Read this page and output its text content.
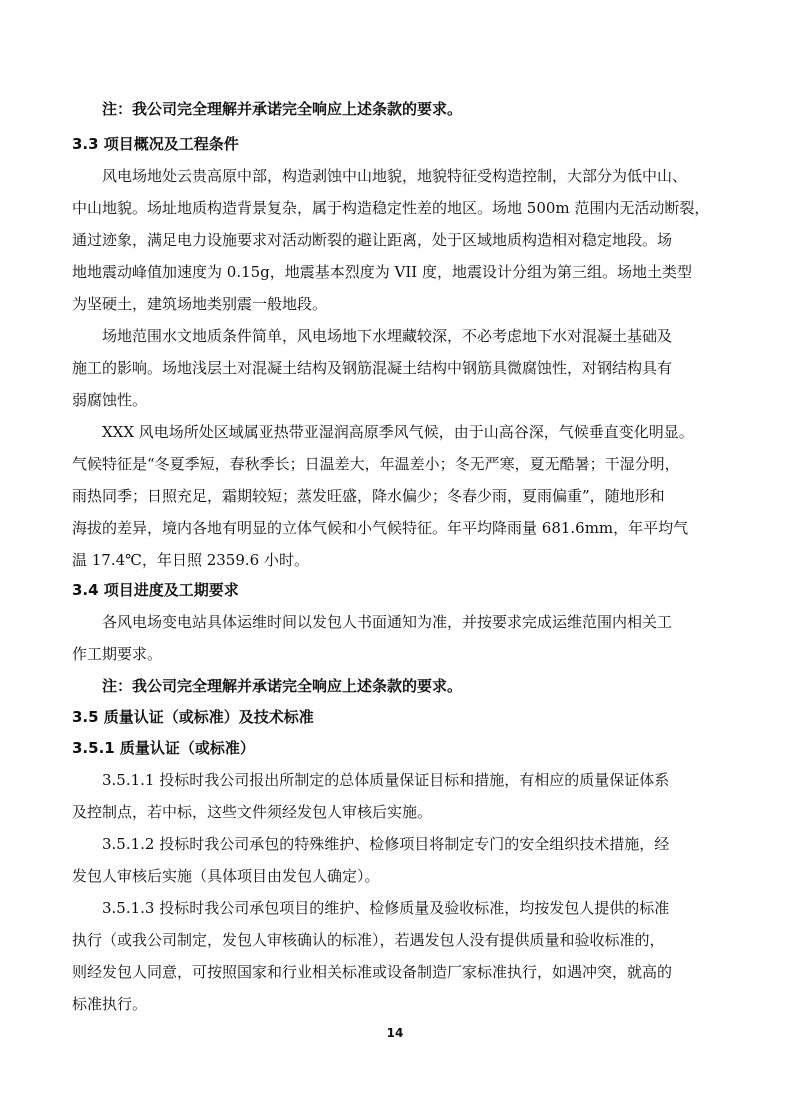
注：我公司完全理解并承诺完全响应上述条款的要求。
3.3 项目概况及工程条件
风电场地处云贵高原中部，构造剥蚀中山地貌，地貌特征受构造控制，大部分为低中山、
中山地貌。场址地质构造背景复杂，属于构造稳定性差的地区。场地 500m 范围内无活动断裂，
通过迹象，满足电力设施要求对活动断裂的避让距离，处于区域地质构造相对稳定地段。场
地地震动峰值加速度为 0.15g，地震基本烈度为 VII 度，地震设计分组为第三组。场地土类型
为坚硬土，建筑场地类别震一般地段。
场地范围水文地质条件简单，风电场地下水埋藏较深，不必考虑地下水对混凝土基础及
施工的影响。场地浅层土对混凝土结构及钢筋混凝土结构中钢筋具微腐蚀性，对钢结构具有
弱腐蚀性。
XXX 风电场所处区域属亚热带亚湿润高原季风气候，由于山高谷深，气候垂直变化明显。
气候特征是“冬夏季短，春秋季长；日温差大，年温差小；冬无严寒，夏无酷暑；干湿分明，
雨热同季；日照充足，霜期较短；蒸发旺盛，降水偏少；冬春少雨，夏雨偏重”，随地形和
海拔的差异，境内各地有明显的立体气候和小气候特征。年平均降雨量 681.6mm，年平均气
温 17.4℃，年日照 2359.6 小时。
3.4 项目进度及工期要求
各风电场变电站具体运维时间以发包人书面通知为准，并按要求完成运维范围内相关工
作工期要求。
注：我公司完全理解并承诺完全响应上述条款的要求。
3.5 质量认证（或标准）及技术标准
3.5.1 质量认证（或标准）
3.5.1.1 投标时我公司报出所制定的总体质量保证目标和措施，有相应的质量保证体系
及控制点，若中标，这些文件须经发包人审核后实施。
3.5.1.2 投标时我公司承包的特殊维护、检修项目将制定专门的安全组织技术措施，经
发包人审核后实施（具体项目由发包人确定）。
3.5.1.3 投标时我公司承包项目的维护、检修质量及验收标准，均按发包人提供的标准
执行（或我公司制定，发包人审核确认的标准），若遇发包人没有提供质量和验收标准的，
则经发包人同意，可按照国家和行业相关标准或设备制造厂家标准执行，如遇冲突，就高的
标准执行。
14
